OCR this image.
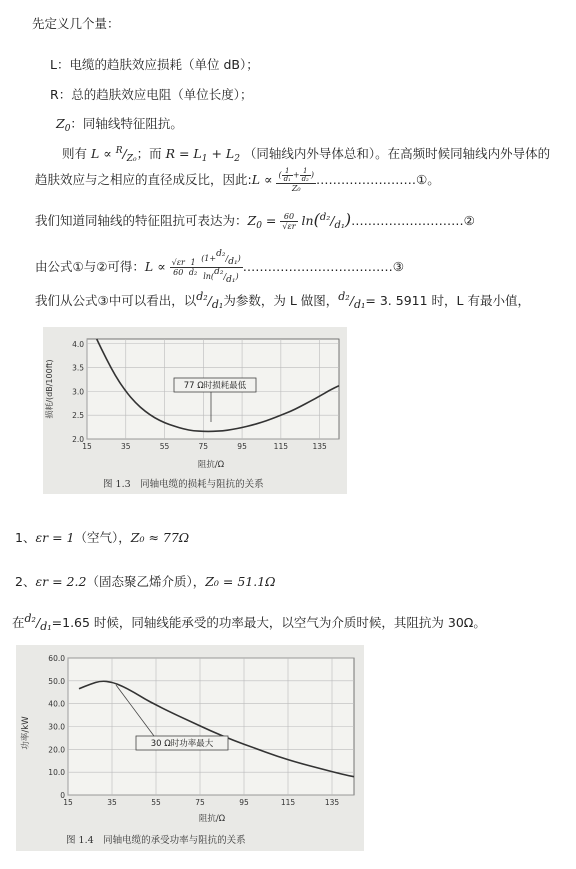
先定义几个量：
L：电缆的趋肤效应损耗（单位 dB）；
R：总的趋肤效应电阻（单位长度）；
$Z_0$：同轴线特征阻抗。
则有 $L \propto ^R/_{Z_0}$；而 $R = L_1 + L_2$ （同轴线内外导体总和）。在高频时候同轴线内外导体的
趋肤效应与之相应的直径成反比，因此:L ∝ $\frac{( \frac{1}{\text{d₁}} + \frac{1}{\text{d₂}} )}{\text{Z₀}}$ ……………………①。
我们知道同轴线的特征阻抗可表达为：$Z_0 = \frac{60}{√\varepsilon r}$ $\ln(^{d_2}/_{d_1})\dots\dots\dots\dots\dots\dots\dots\dots\dots ②$
由公式①与②可得：$L \propto \frac{√\varepsilon r}{60} \frac{1}{\text{d₂}} \frac{\text{(1+d₂/d₁)}}{\text{ln(d₂/d₁)}}$ ………………………………③
我们从公式③中可以看出，以d₂/d₁为参数，为 L 做图，d₂/d₁= 3. 5911 时，L 有最小值，
15	35	55	75	95	115	135
2.0
2.5
3.0
3.5
4.0
损耗/(dB/100ft)
阻抗/Ω
77 Ω时损耗最低
图 1.3　同轴电缆的损耗与阻抗的关系
1、εr = 1（空气），Z₀ ≈ 77Ω
2、εr = 2.2（固态聚乙烯介质），Z₀ = 51.1Ω
在d₂/d₁=1.65 时候，同轴线能承受的功率最大，以空气为介质时候，其阻抗为 30Ω。
15	35	55	75	95	115	135
0
10.0
20.0
30.0
40.0
50.0
60.0
功率/kW
阻抗/Ω
30 Ω时功率最大
图 1.4　同轴电缆的承受功率与阻抗的关系
